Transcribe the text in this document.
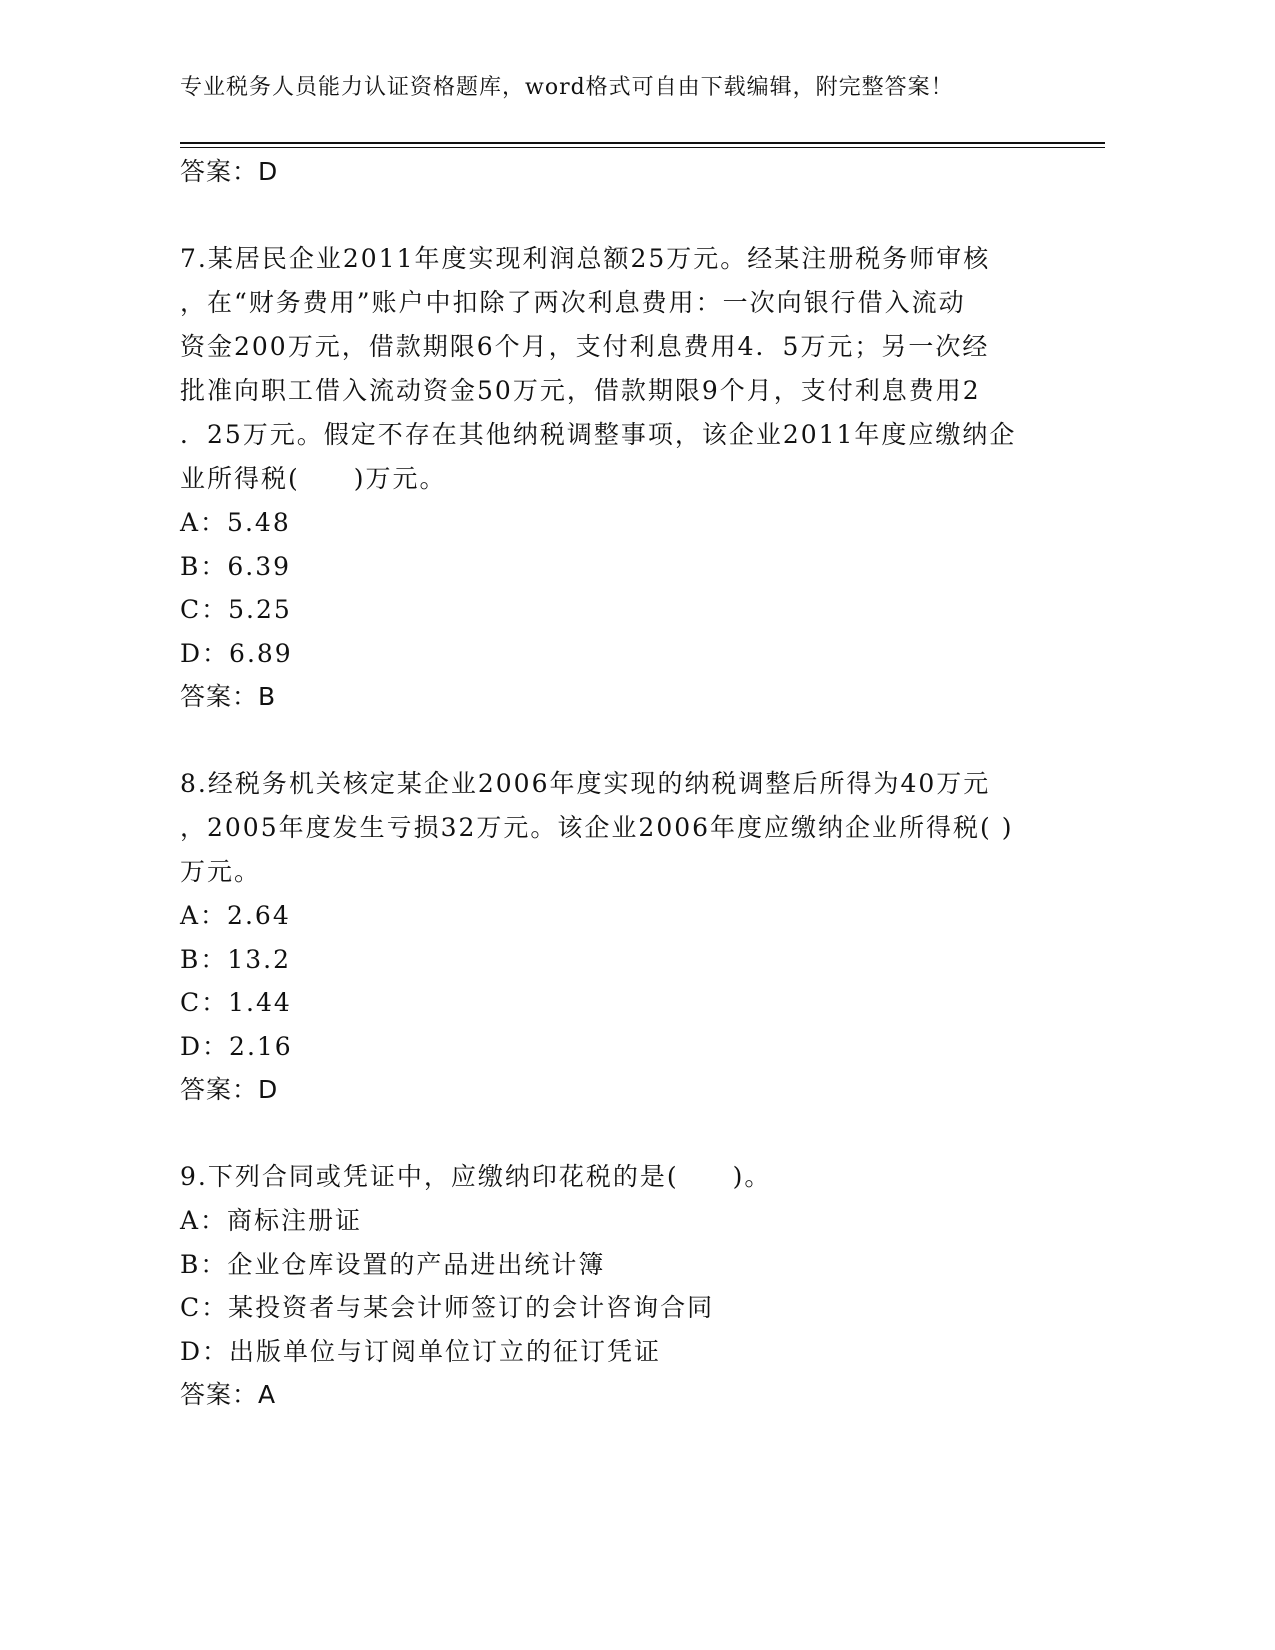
专业税务人员能力认证资格题库，word格式可自由下载编辑，附完整答案！
答案：D
7.某居民企业2011年度实现利润总额25万元。经某注册税务师审核
，在“财务费用”账户中扣除了两次利息费用：一次向银行借入流动
资金200万元，借款期限6个月，支付利息费用4．5万元；另一次经
批准向职工借入流动资金50万元，借款期限9个月，支付利息费用2
．25万元。假定不存在其他纳税调整事项，该企业2011年度应缴纳企
业所得税(　　)万元。
A：5.48
B：6.39
C：5.25
D：6.89
答案：B
8.经税务机关核定某企业2006年度实现的纳税调整后所得为40万元
，2005年度发生亏损32万元。该企业2006年度应缴纳企业所得税( )
万元。
A：2.64
B：13.2
C：1.44
D：2.16
答案：D
9.下列合同或凭证中，应缴纳印花税的是(　　)。
A：商标注册证
B：企业仓库设置的产品进出统计簿
C：某投资者与某会计师签订的会计咨询合同
D：出版单位与订阅单位订立的征订凭证
答案：A
